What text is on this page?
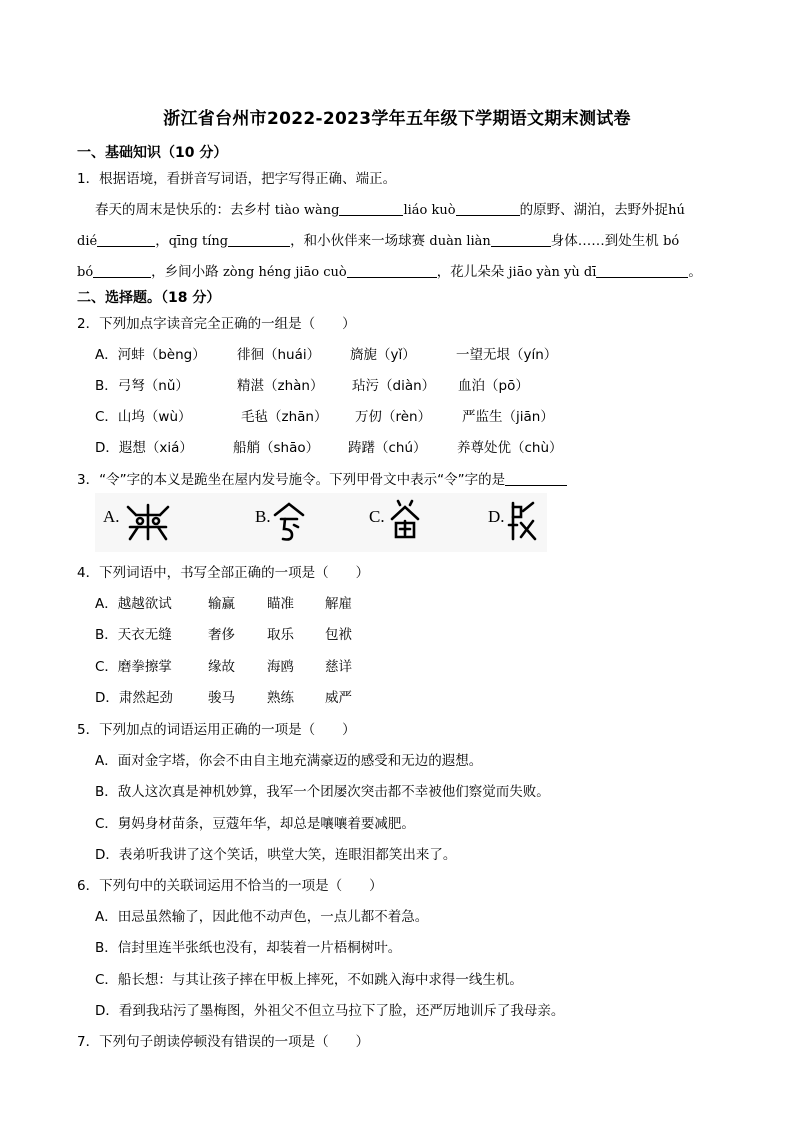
浙江省台州市2022-2023学年五年级下学期语文期末测试卷
一、基础知识（10 分）
1．根据语境，看拼音写词语，把字写得正确、端正。
春天的周末是快乐的：去乡村 tiào wàng	liáo kuò	的原野、湖泊，去野外捉hú
dié	，qīng tíng	，和小伙伴来一场球赛 duàn liàn	身体……到处生机 bó
bó	，乡间小路 zòng héng jiāo cuò	，花儿朵朵 jiāo yàn yù dī	。
二、选择题。（18 分）
2．下列加点字读音完全正确的一组是（　　）
A．河蚌（bèng） 徘徊（huái） 旖旎（yǐ）	一望无垠（yín）
B．弓弩（nǔ）	精湛（zhàn） 玷污（diàn） 血泊（pō）
C．山坞（wù）	毛毡（zhān） 万仞（rèn） 严监生（jiān）
D．遐想（xiá）	船艄（shāo） 踌躇（chú） 养尊处优（chù）
3．“令”字的本义是跪坐在屋内发号施令。下列甲骨文中表示“令”字的是
A.	B.	C.	D.
4．下列词语中，书写全部正确的一项是（　　）
A．越越欲试	输赢 瞄准 解雇
B．天衣无缝	奢侈 取乐 包袱
C．磨拳擦掌	缘故 海鸥 慈详
D．肃然起劲	骏马 熟练 威严
5．下列加点的词语运用正确的一项是（　　）
A．面对金字塔，你会不由自主地充满豪迈的感受和无边的遐想。
B．敌人这次真是神机妙算，我军一个团屡次突击都不幸被他们察觉而失败。
C．舅妈身材苗条，豆蔻年华，却总是嚷嚷着要减肥。
D．表弟听我讲了这个笑话，哄堂大笑，连眼泪都笑出来了。
6．下列句中的关联词运用不恰当的一项是（　　）
A．田忌虽然输了，因此他不动声色，一点儿都不着急。
B．信封里连半张纸也没有，却装着一片梧桐树叶。
C．船长想：与其让孩子摔在甲板上摔死，不如跳入海中求得一线生机。
D．看到我玷污了墨梅图，外祖父不但立马拉下了脸，还严厉地训斥了我母亲。
7．下列句子朗读停顿没有错误的一项是（　　）
